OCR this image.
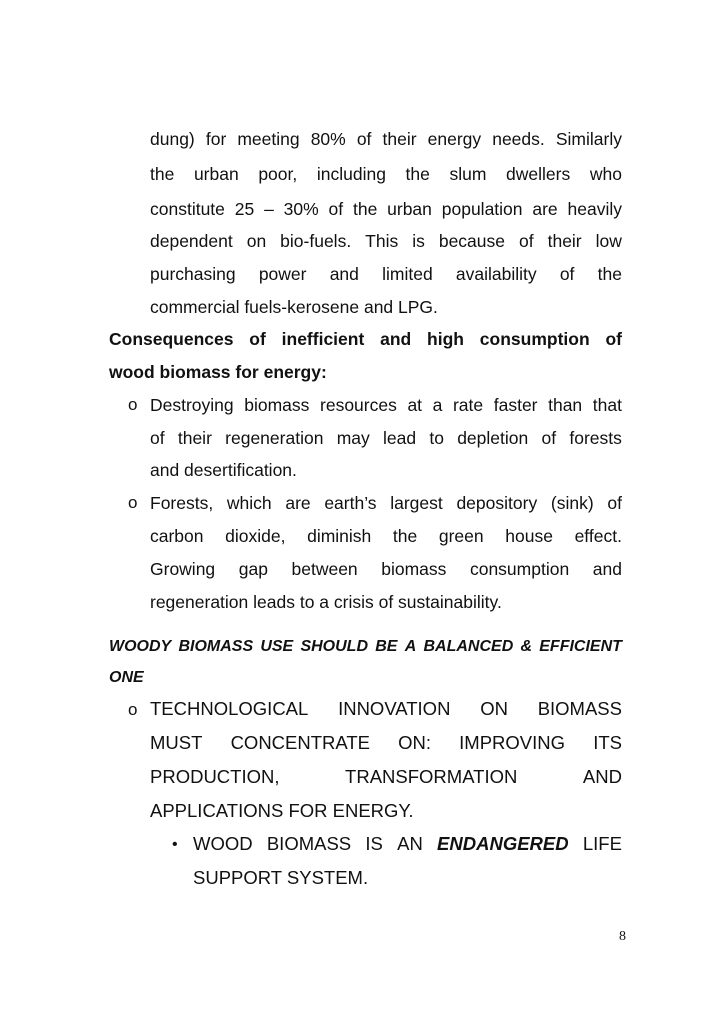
dung) for meeting 80% of their energy needs. Similarly
the urban poor, including the slum dwellers who
constitute 25 – 30% of the urban population are heavily
dependent on bio-fuels. This is because of their low
purchasing power and limited availability of the
commercial fuels-kerosene and LPG.
Consequences of inefficient and high consumption of
wood biomass for energy:
o Destroying biomass resources at a rate faster than that
of their regeneration may lead to depletion of forests
and desertification.
o Forests, which are earth’s largest depository (sink) of
carbon dioxide, diminish the green house effect.
Growing gap between biomass consumption and
regeneration leads to a crisis of sustainability.
WOODY BIOMASS USE SHOULD BE A BALANCED & EFFICIENT
ONE
o TECHNOLOGICAL INNOVATION ON BIOMASS
MUST CONCENTRATE ON: IMPROVING ITS
PRODUCTION,	TRANSFORMATION	AND
APPLICATIONS FOR ENERGY.
• WOOD BIOMASS IS AN ENDANGERED LIFE
SUPPORT SYSTEM.
8
